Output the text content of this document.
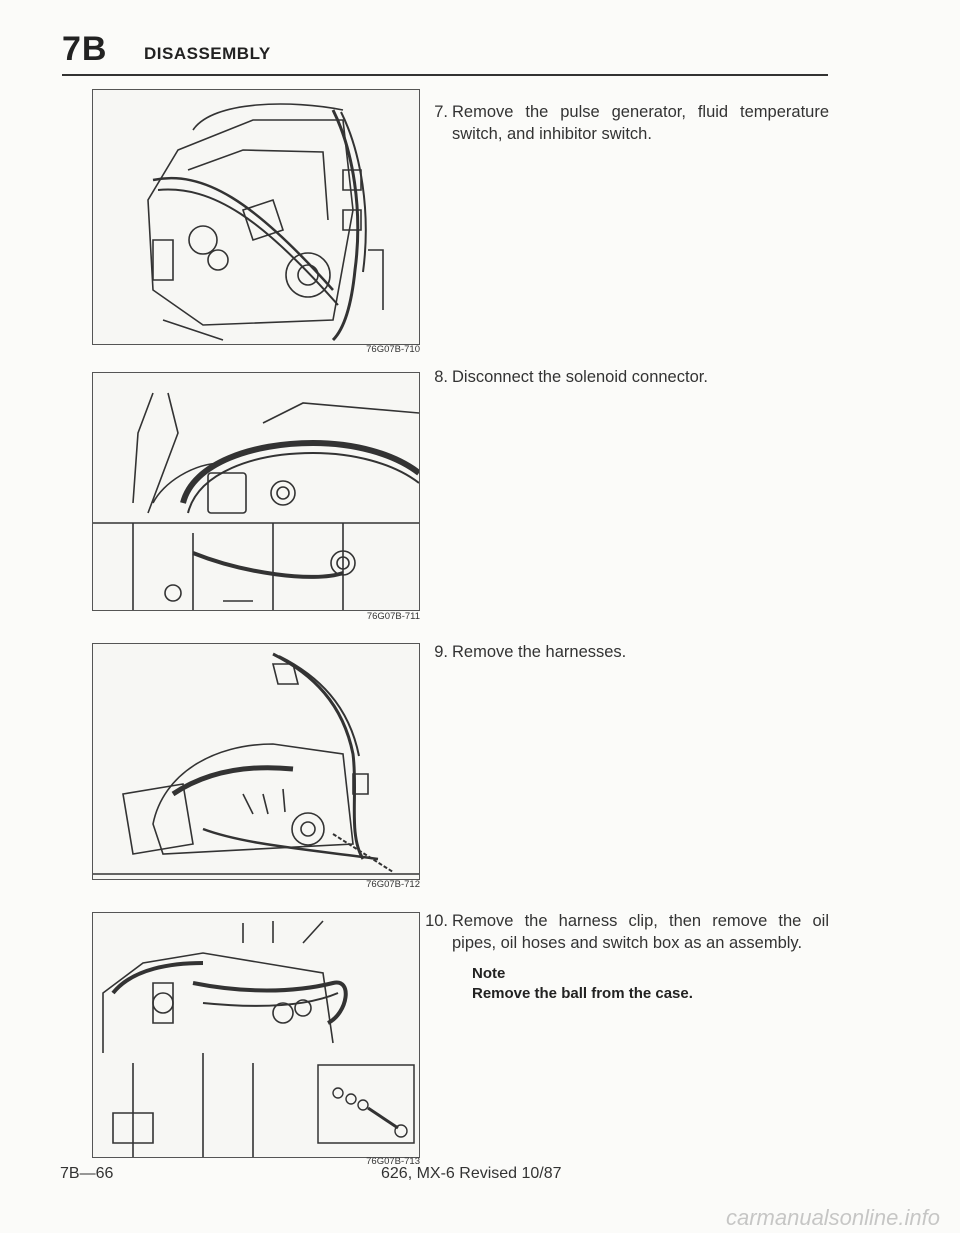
7B DISASSEMBLY
76G07B-710
76G07B-711
76G07B-712
76G07B-713
7. Remove the pulse generator, fluid temperature switch, and inhibitor switch.
8. Disconnect the solenoid connector.
9. Remove the harnesses.
10. Remove the harness clip, then remove the oil pipes, oil hoses and switch box as an assembly.
Note
Remove the ball from the case.
7B—66	626, MX-6 Revised 10/87
carmanualsonline.info
